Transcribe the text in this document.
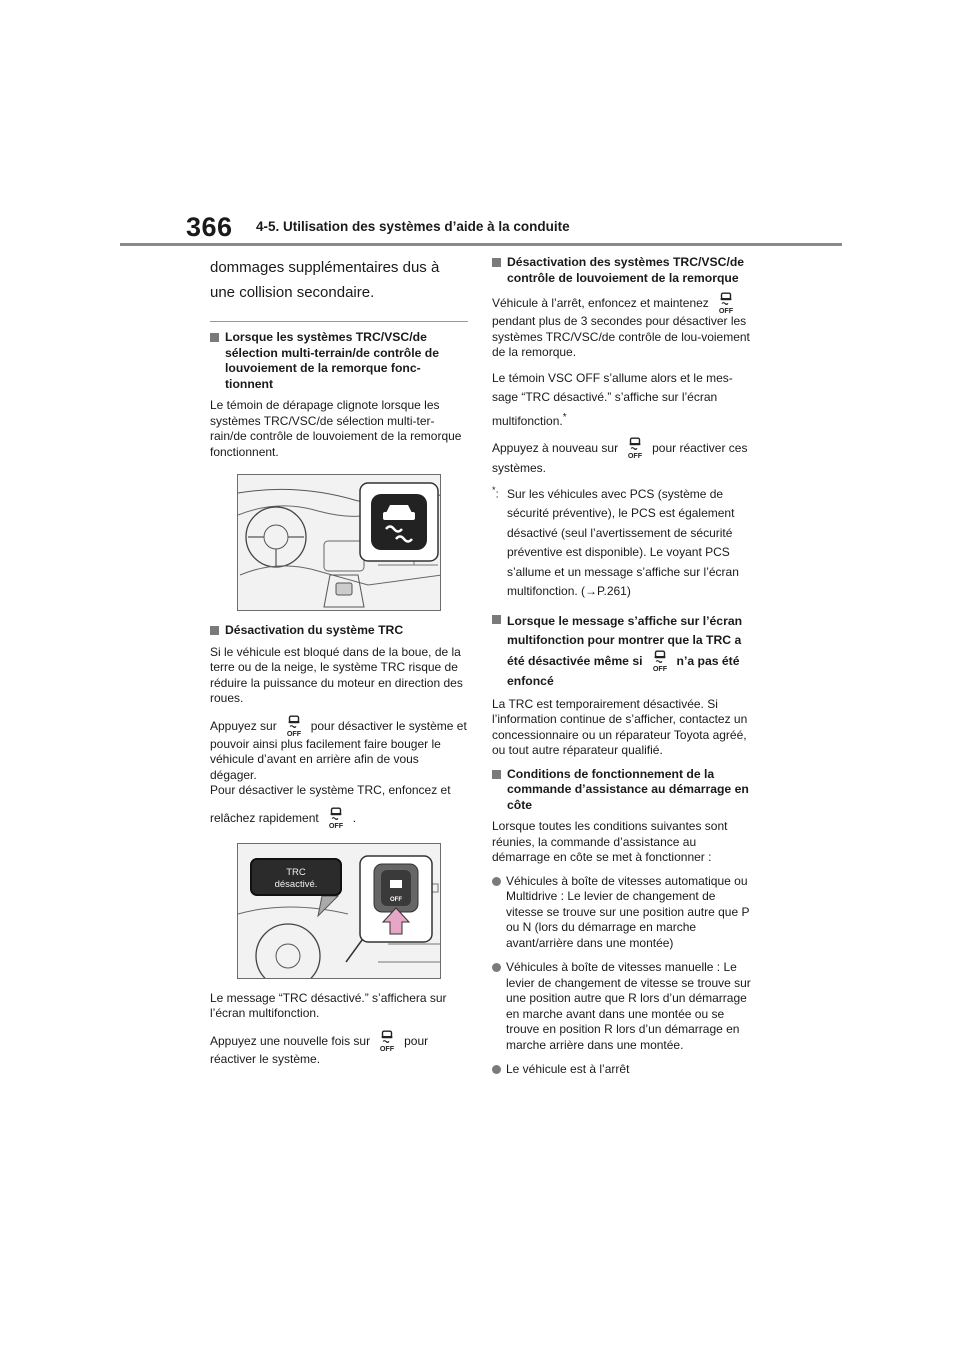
366 4-5. Utilisation des systèmes d’aide à la conduite

dommages supplémentaires dus à une collision secondaire.

Lorsque les systèmes TRC/VSC/de sélection multi-terrain/de contrôle de louvoiement de la remorque fonc-tionnent

Le témoin de dérapage clignote lorsque les systèmes TRC/VSC/de sélection multi-ter-rain/de contrôle de louvoiement de la remorque fonctionnent.

Désactivation du système TRC

Si le véhicule est bloqué dans de la boue, de la terre ou de la neige, le système TRC risque de réduire la puissance du moteur en direction des roues.

Appuyez sur	pour désactiver le système et pouvoir ainsi plus facilement faire bouger le véhicule d’avant en arrière afin de vous dégager.
Pour désactiver le système TRC, enfoncez et

relâchez rapidement	.

OFF
TRC
désactivé.

Le message “TRC désactivé.” s’affichera sur l’écran multifonction.

Appuyez une nouvelle fois sur	pour réactiver le système.

Désactivation des systèmes TRC/VSC/de contrôle de louvoiement de la remorque

Véhicule à l’arrêt, enfoncez et maintenez
pendant plus de 3 secondes pour désactiver les systèmes TRC/VSC/de contrôle de lou-voiement de la remorque.

Le témoin VSC OFF s’allume alors et le mes-sage “TRC désactivé.” s’affiche sur l’écran multifonction.*

Appuyez à nouveau sur	pour réactiver ces systèmes.

*: Sur les véhicules avec PCS (système de sécurité préventive), le PCS est également désactivé (seul l’avertissement de sécurité préventive est disponible). Le voyant PCS s’allume et un message s’affiche sur l’écran multifonction. (→P.261)
Lorsque le message s’affiche sur l’écran multifonction pour montrer que la TRC a été désactivée même si	n’a pas été enfoncé

La TRC est temporairement désactivée. Si l’information continue de s’afficher, contactez un concessionnaire ou un réparateur Toyota agréé, ou tout autre réparateur qualifié.

Conditions de fonctionnement de la commande d’assistance au démarrage en côte

Lorsque toutes les conditions suivantes sont réunies, la commande d’assistance au démarrage en côte se met à fonctionner :

Véhicules à boîte de vitesses automatique ou Multidrive : Le levier de changement de vitesse se trouve sur une position autre que P ou N (lors du démarrage en marche avant/arrière dans une montée)
Véhicules à boîte de vitesses manuelle : Le levier de changement de vitesse se trouve sur une position autre que R lors d’un démarrage en marche avant dans une montée ou se trouve en position R lors d’un démarrage en marche arrière dans une montée.
Le véhicule est à l’arrêt
